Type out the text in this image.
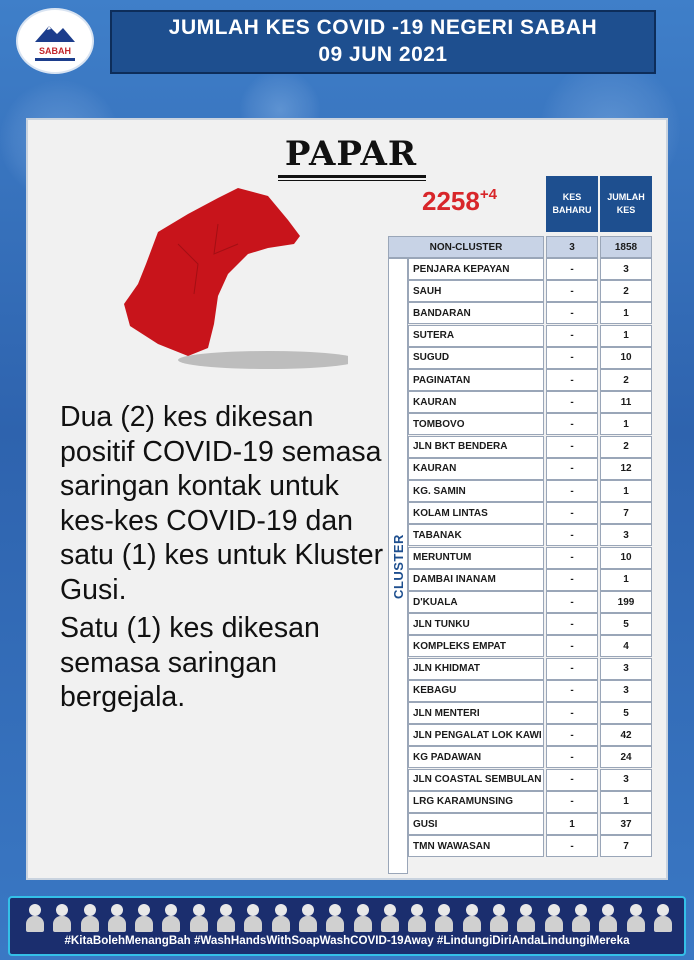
SABAH
JUMLAH KES COVID -19 NEGERI SABAH
09 JUN 2021
PAPAR
$2258^{+4}$

Dua (2) kes dikesan positif COVID-19 semasa saringan kontak untuk kes-kes COVID-19 dan satu (1) kes untuk Kluster Gusi.

Satu (1) kes dikesan semasa saringan bergejala.

KES BAHARU
JUMLAH KES
CLUSTER
NON-CLUSTER	3	1858
PENJARA KEPAYAN	-	3
SAUH	-	2
BANDARAN	-	1
SUTERA	-	1
SUGUD	-	10
PAGINATAN	-	2
KAURAN	-	11
TOMBOVO	-	1
JLN BKT BENDERA	-	2
KAURAN	-	12
KG. SAMIN	-	1
KOLAM LINTAS	-	7
TABANAK	-	3
MERUNTUM	-	10
DAMBAI INANAM	-	1
D'KUALA	-	199
JLN TUNKU	-	5
KOMPLEKS EMPAT	-	4
JLN KHIDMAT	-	3
KEBAGU	-	3
JLN MENTERI	-	5
JLN PENGALAT LOK KAWI	-	42
KG PADAWAN	-	24
JLN COASTAL SEMBULAN	-	3
LRG KARAMUNSING	-	1
GUSI	1	37
TMN WAWASAN	-	7
#KitaBolehMenangBah #WashHandsWithSoapWashCOVID-19Away #LindungiDiriAndaLindungiMereka
